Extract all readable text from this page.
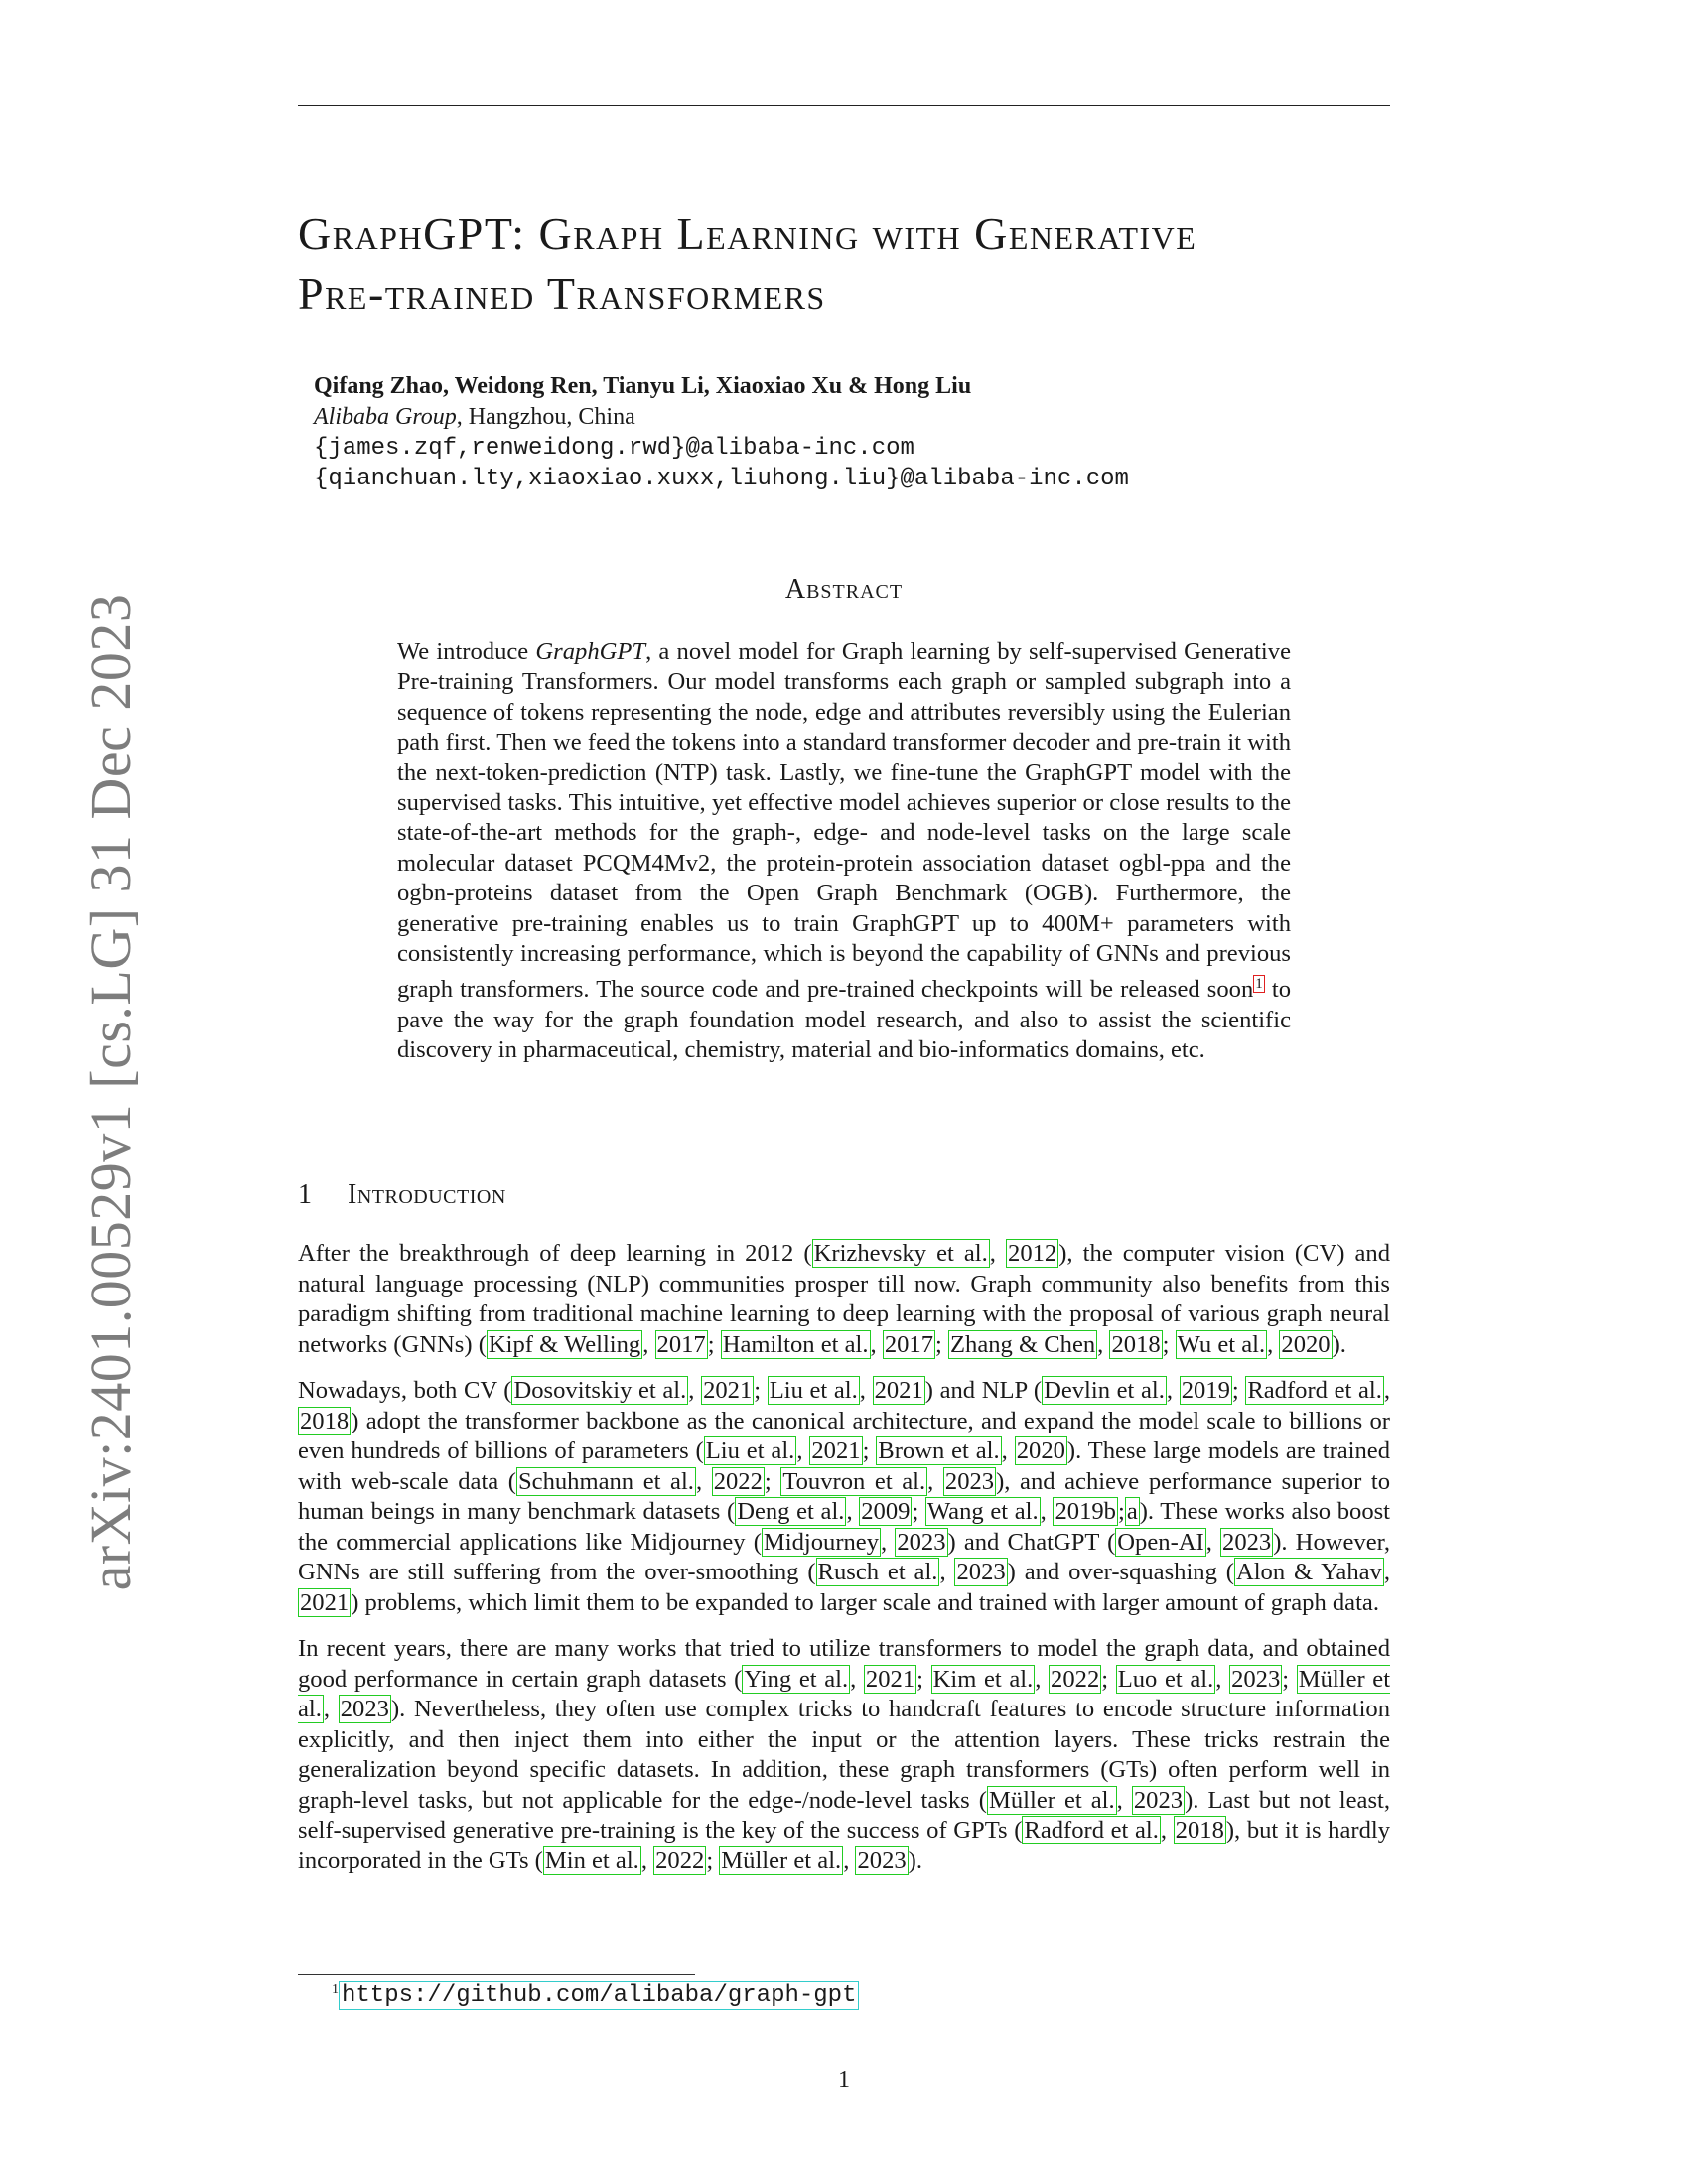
arXiv:2401.00529v1 [cs.LG] 31 Dec 2023
GraphGPT: Graph Learning with Generative
Pre-trained Transformers
Qifang Zhao, Weidong Ren, Tianyu Li, Xiaoxiao Xu & Hong Liu
Alibaba Group, Hangzhou, China
{james.zqf,renweidong.rwd}@alibaba-inc.com
{qianchuan.lty,xiaoxiao.xuxx,liuhong.liu}@alibaba-inc.com
Abstract
We introduce GraphGPT, a novel model for Graph learning by self-supervised Generative Pre-training Transformers. Our model transforms each graph or sampled subgraph into a sequence of tokens representing the node, edge and attributes reversibly using the Eulerian path first. Then we feed the tokens into a standard transformer decoder and pre-train it with the next-token-prediction (NTP) task. Lastly, we fine-tune the GraphGPT model with the supervised tasks. This intuitive, yet effective model achieves superior or close results to the state-of-the-art methods for the graph-, edge- and node-level tasks on the large scale molecular dataset PCQM4Mv2, the protein-protein association dataset ogbl-ppa and the ogbn-proteins dataset from the Open Graph Benchmark (OGB). Furthermore, the generative pre-training enables us to train GraphGPT up to 400M+ parameters with consistently increasing performance, which is beyond the capability of GNNs and previous graph transformers. The source code and pre-trained checkpoints will be released soon $^1$ to pave the way for the graph foundation model research, and also to assist the scientific discovery in pharmaceutical, chemistry, material and bio-informatics domains, etc.
1 Introduction

After the breakthrough of deep learning in 2012 (Krizhevsky et al., 2012), the computer vision (CV) and natural language processing (NLP) communities prosper till now. Graph community also benefits from this paradigm shifting from traditional machine learning to deep learning with the proposal of various graph neural networks (GNNs) (Kipf & Welling, 2017; Hamilton et al., 2017; Zhang & Chen, 2018; Wu et al., 2020).

Nowadays, both CV (Dosovitskiy et al., 2021; Liu et al., 2021) and NLP (Devlin et al., 2019; Radford et al., 2018) adopt the transformer backbone as the canonical architecture, and expand the model scale to billions or even hundreds of billions of parameters (Liu et al., 2021; Brown et al., 2020). These large models are trained with web-scale data (Schuhmann et al., 2022; Touvron et al., 2023), and achieve performance superior to human beings in many benchmark datasets (Deng et al., 2009; Wang et al., 2019b;a). These works also boost the commercial applications like Midjourney (Midjourney, 2023) and ChatGPT (Open-AI, 2023). However, GNNs are still suffering from the over-smoothing (Rusch et al., 2023) and over-squashing (Alon & Yahav, 2021) problems, which limit them to be expanded to larger scale and trained with larger amount of graph data.

In recent years, there are many works that tried to utilize transformers to model the graph data, and obtained good performance in certain graph datasets (Ying et al., 2021; Kim et al., 2022; Luo et al., 2023; Müller et al., 2023). Nevertheless, they often use complex tricks to handcraft features to encode structure information explicitly, and then inject them into either the input or the attention layers. These tricks restrain the generalization beyond specific datasets. In addition, these graph transformers (GTs) often perform well in graph-level tasks, but not applicable for the edge-/node-level tasks (Müller et al., 2023). Last but not least, self-supervised generative pre-training is the key of the success of GPTs (Radford et al., 2018), but it is hardly incorporated in the GTs (Min et al., 2022; Müller et al., 2023).

$^1$ https://github.com/alibaba/graph-gpt
1
